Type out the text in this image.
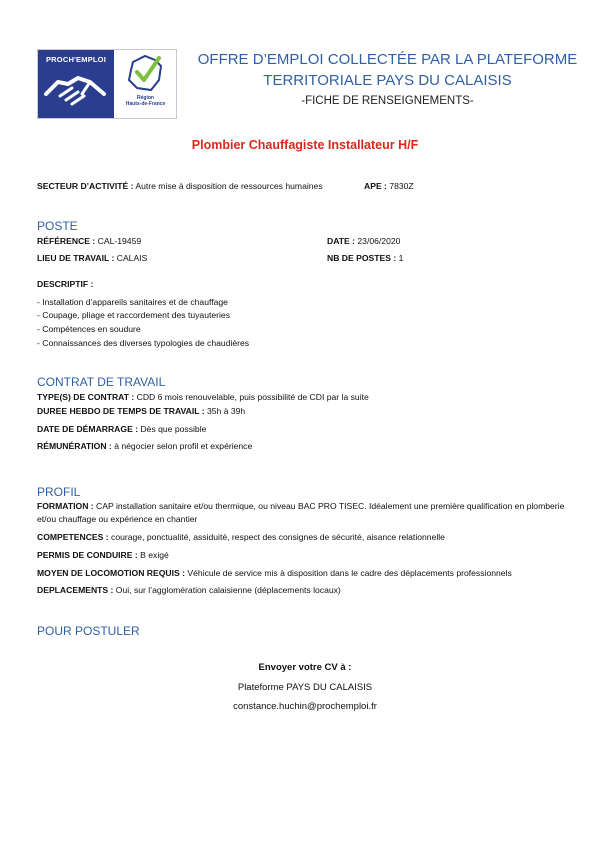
PROCH'EMPLOI
Région
Hauts-de-France
OFFRE D’EMPLOI COLLECTÉE PAR LA PLATEFORME
TERRITORIALE PAYS DU CALAISIS
-FICHE DE RENSEIGNEMENTS-
Plombier Chauffagiste Installateur H/F
SECTEUR D’ACTIVITÉ : Autre mise à disposition de ressources humaines	APE : 7830Z
POSTE
RÉFÉRENCE : CAL-19459	DATE : 23/06/2020
LIEU DE TRAVAIL : CALAIS	NB DE POSTES : 1
DESCRIPTIF :
- Installation d’appareils sanitaires et de chauffage
- Coupage, pliage et raccordement des tuyauteries
- Compétences en soudure
- Connaissances des diverses typologies de chaudières
CONTRAT DE TRAVAIL
TYPE(S) DE CONTRAT : CDD 6 mois renouvelable, puis possibilité de CDI par la suite
DUREE HEBDO DE TEMPS DE TRAVAIL : 35h à 39h
DATE DE DÉMARRAGE : Dès que possible
RÉMUNÉRATION : à négocier selon profil et expérience
PROFIL
FORMATION : CAP installation sanitaire et/ou thermique, ou niveau BAC PRO TISEC. Idéalement une première qualification en plomberie et/ou chauffage ou expérience en chantier
COMPETENCES : courage, ponctualité, assiduité, respect des consignes de sécurité, aisance relationnelle
PERMIS DE CONDUIRE : B exigé
MOYEN DE LOCOMOTION REQUIS : Véhicule de service mis à disposition dans le cadre des déplacements professionnels
DEPLACEMENTS : Oui, sur l’agglomération calaisienne (déplacements locaux)
POUR POSTULER
Envoyer votre CV à :
Plateforme PAYS DU CALAISIS
constance.huchin@prochemploi.fr
